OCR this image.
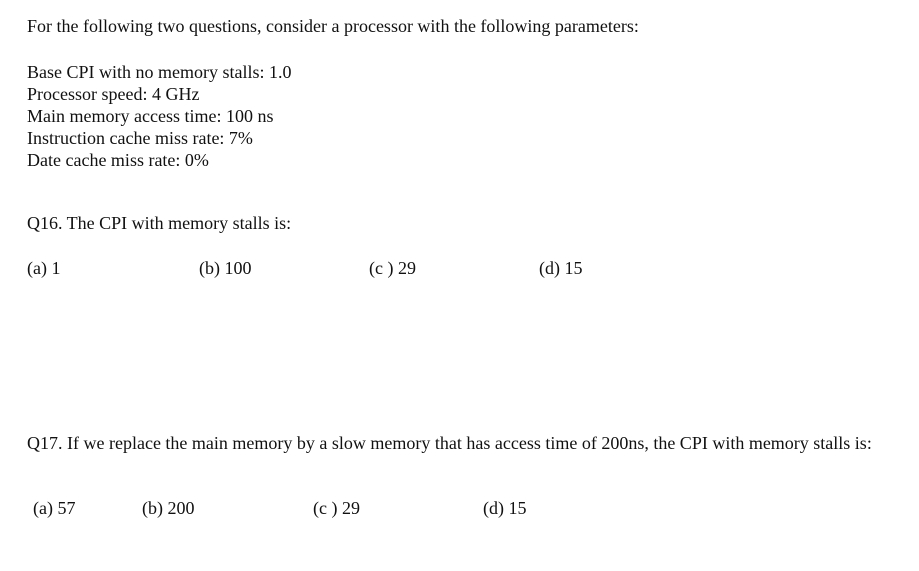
For the following two questions, consider a processor with the following parameters:
Base CPI with no memory stalls: 1.0
Processor speed: 4 GHz
Main memory access time: 100 ns
Instruction cache miss rate: 7%
Date cache miss rate: 0%
Q16. The CPI with memory stalls is:
(a) 1	(b) 100	(c ) 29	(d) 15
Q17. If we replace the main memory by a slow memory that has access time of 200ns, the CPI with memory stalls is:
(a) 57	(b) 200	(c ) 29	(d) 15
